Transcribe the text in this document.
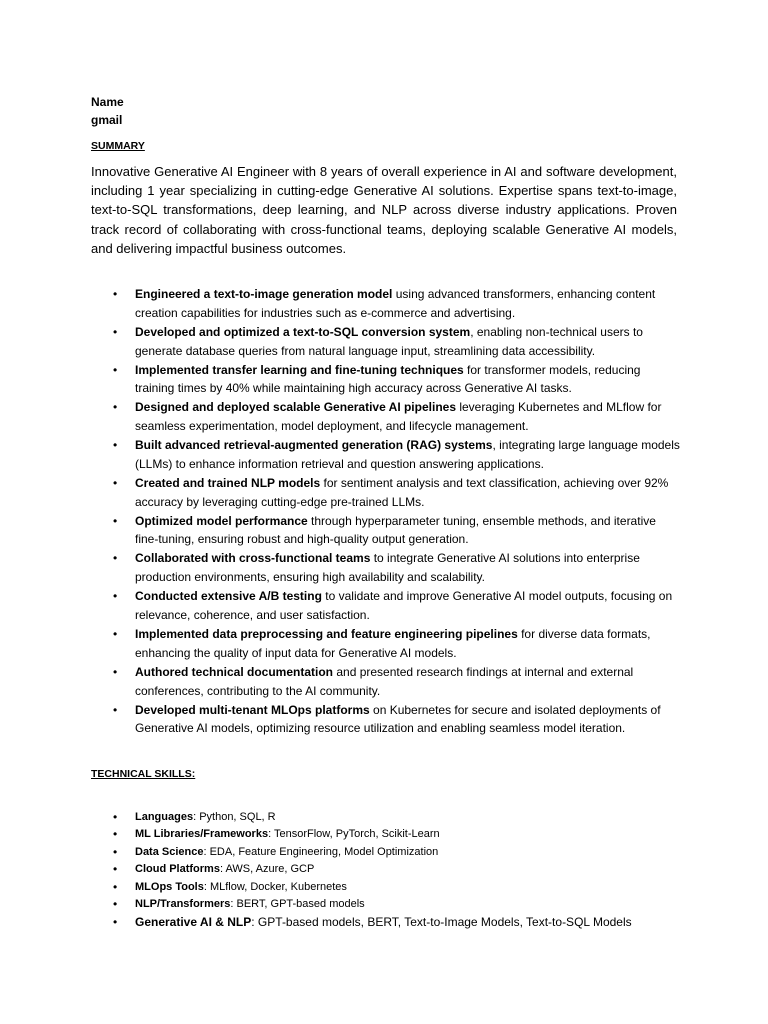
Name
gmail
SUMMARY

Innovative Generative AI Engineer with 8 years of overall experience in AI and software development, including 1 year specializing in cutting-edge Generative AI solutions. Expertise spans text-to-image, text-to-SQL transformations, deep learning, and NLP across diverse industry applications. Proven track record of collaborating with cross-functional teams, deploying scalable Generative AI models, and delivering impactful business outcomes.

• Engineered a text-to-image generation model using advanced transformers, enhancing content creation capabilities for industries such as e-commerce and advertising.
• Developed and optimized a text-to-SQL conversion system, enabling non-technical users to generate database queries from natural language input, streamlining data accessibility.
• Implemented transfer learning and fine-tuning techniques for transformer models, reducing training times by 40% while maintaining high accuracy across Generative AI tasks.
• Designed and deployed scalable Generative AI pipelines leveraging Kubernetes and MLflow for seamless experimentation, model deployment, and lifecycle management.
• Built advanced retrieval-augmented generation (RAG) systems, integrating large language models (LLMs) to enhance information retrieval and question answering applications.
• Created and trained NLP models for sentiment analysis and text classification, achieving over 92% accuracy by leveraging cutting-edge pre-trained LLMs.
• Optimized model performance through hyperparameter tuning, ensemble methods, and iterative fine-tuning, ensuring robust and high-quality output generation.
• Collaborated with cross-functional teams to integrate Generative AI solutions into enterprise production environments, ensuring high availability and scalability.
• Conducted extensive A/B testing to validate and improve Generative AI model outputs, focusing on relevance, coherence, and user satisfaction.
• Implemented data preprocessing and feature engineering pipelines for diverse data formats, enhancing the quality of input data for Generative AI models.
• Authored technical documentation and presented research findings at internal and external conferences, contributing to the AI community.
• Developed multi-tenant MLOps platforms on Kubernetes for secure and isolated deployments of Generative AI models, optimizing resource utilization and enabling seamless model iteration.
TECHNICAL SKILLS:
• Languages: Python, SQL, R
• ML Libraries/Frameworks: TensorFlow, PyTorch, Scikit-Learn
• Data Science: EDA, Feature Engineering, Model Optimization
• Cloud Platforms: AWS, Azure, GCP
• MLOps Tools: MLflow, Docker, Kubernetes
• NLP/Transformers: BERT, GPT-based models
• Generative AI & NLP: GPT-based models, BERT, Text-to-Image Models, Text-to-SQL Models
